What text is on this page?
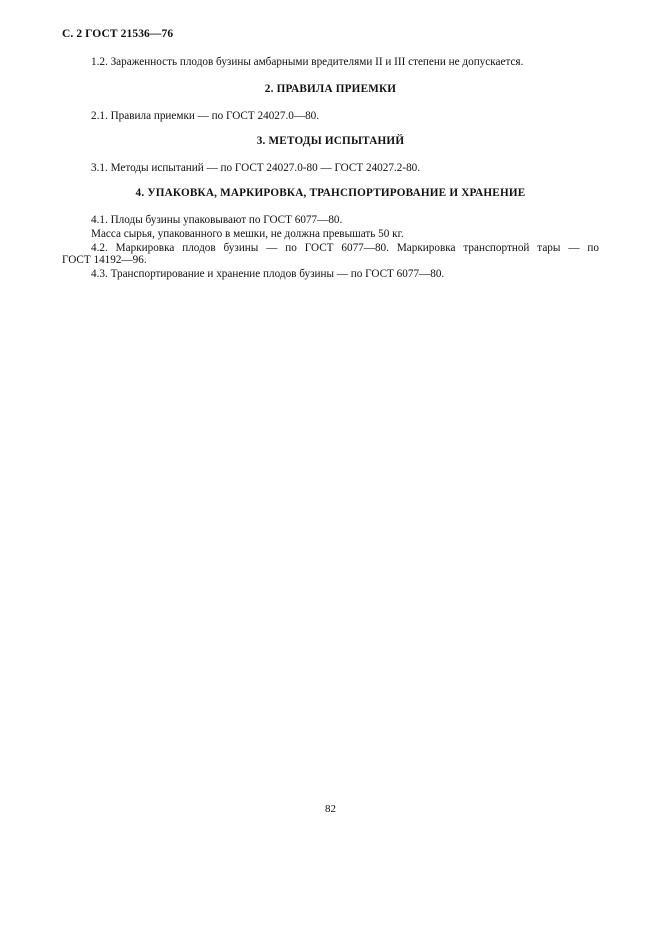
С. 2 ГОСТ 21536—76
1.2. Зараженность плодов бузины амбарными вредителями II и III степени не допускается.
2. ПРАВИЛА ПРИЕМКИ
2.1. Правила приемки — по ГОСТ 24027.0—80.
3. МЕТОДЫ ИСПЫТАНИЙ
3.1. Методы испытаний — по ГОСТ 24027.0-80 — ГОСТ 24027.2-80.
4. УПАКОВКА, МАРКИРОВКА, ТРАНСПОРТИРОВАНИЕ И ХРАНЕНИЕ
4.1. Плоды бузины упаковывают по ГОСТ 6077—80.
Масса сырья, упакованного в мешки, не должна превышать 50 кг.
4.2. Маркировка плодов бузины — по ГОСТ 6077—80. Маркировка транспортной тары — по
ГОСТ 14192—96.
4.3. Транспортирование и хранение плодов бузины — по ГОСТ 6077—80.
82
